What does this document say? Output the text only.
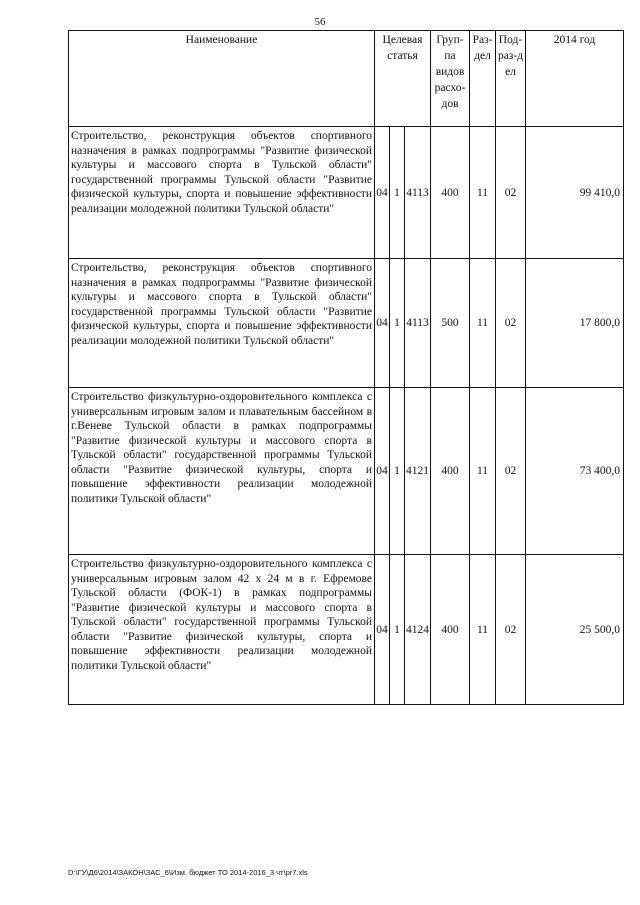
56
Наименование	Целевая статья			Груп-па видов расхо-дов	Раз-дел	Под-раз-дел	2014 год
Строительство, реконструкция объектов спортивного назначения в рамках подпрограммы "Развитие физической культуры и массового спорта в Тульской области" государственной программы Тульской области "Развитие физической культуры, спорта и повышение эффективности реализации молодежной политики Тульской области"	04	1	4113	400	11	02	99 410,0
Строительство, реконструкция объектов спортивного назначения в рамках подпрограммы "Развитие физической культуры и массового спорта в Тульской области" государственной программы Тульской области "Развитие физической культуры, спорта и повышение эффективности реализации молодежной политики Тульской области"	04	1	4113	500	11	02	17 800,0
Строительство физкультурно-оздоровительного комплекса с универсальным игровым залом и плавательным бассейном в г.Веневе Тульской области в рамках подпрограммы "Развитие физической культуры и массового спорта в Тульской области" государственной программы Тульской области "Развитие физической культуры, спорта и повышение эффективности реализации молодежной политики Тульской области"	04	1	4121	400	11	02	73 400,0
Строительство физкультурно-оздоровительного комплекса с универсальным игровым залом 42 х 24 м в г. Ефремове Тульской области (ФОК-1) в рамках подпрограммы "Развитие физической культуры и массового спорта в Тульской области" государственной программы Тульской области "Развитие физической культуры, спорта и повышение эффективности реализации молодежной политики Тульской области"	04	1	4124	400	11	02	25 500,0
D:\ГУ\Д6\2014\ЗАКОН\ЗАС_6\Изм. бюджет ТО 2014-2016_3 чт\pr7.xls
